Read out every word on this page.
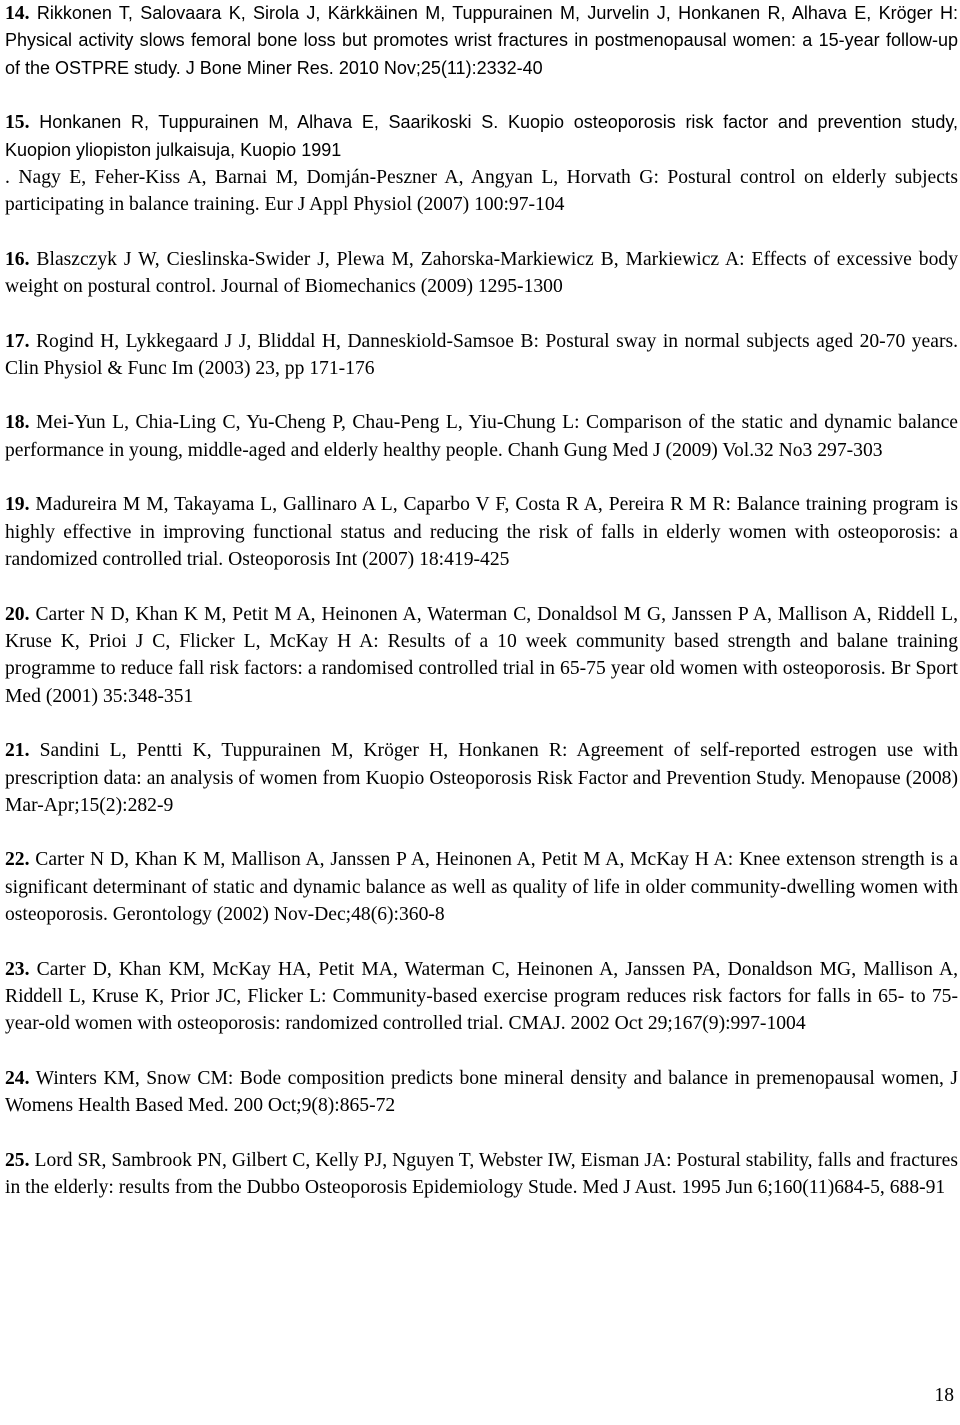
14. Rikkonen T, Salovaara K, Sirola J, Kärkkäinen M, Tuppurainen M, Jurvelin J, Honkanen R, Alhava E, Kröger H: Physical activity slows femoral bone loss but promotes wrist fractures in postmenopausal women: a 15-year follow-up of the OSTPRE study. J Bone Miner Res. 2010 Nov;25(11):2332-40
15. Honkanen R, Tuppurainen M, Alhava E, Saarikoski S. Kuopio osteoporosis risk factor and prevention study, Kuopion yliopiston julkaisuja, Kuopio 1991
. Nagy E, Feher-Kiss A, Barnai M, Domján-Peszner A, Angyan L, Horvath G: Postural control on elderly subjects participating in balance training. Eur J Appl Physiol (2007) 100:97-104
16. Blaszczyk J W, Cieslinska-Swider J, Plewa M, Zahorska-Markiewicz B, Markiewicz A: Effects of excessive body weight on postural control. Journal of Biomechanics (2009) 1295-1300
17. Rogind H, Lykkegaard J J, Bliddal H, Danneskiold-Samsoe B: Postural sway in normal subjects aged 20-70 years. Clin Physiol & Func Im (2003) 23, pp 171-176
18. Mei-Yun L, Chia-Ling C, Yu-Cheng P, Chau-Peng L, Yiu-Chung L: Comparison of the static and dynamic balance performance in young, middle-aged and elderly healthy people. Chanh Gung Med J (2009) Vol.32 No3 297-303
19. Madureira M M, Takayama L, Gallinaro A L, Caparbo V F, Costa R A, Pereira R M R: Balance training program is highly effective in improving functional status and reducing the risk of falls in elderly women with osteoporosis: a randomized controlled trial. Osteoporosis Int (2007) 18:419-425
20. Carter N D, Khan K M, Petit M A, Heinonen A, Waterman C, Donaldsol M G, Janssen P A, Mallison A, Riddell L, Kruse K, Prioi J C, Flicker L, McKay H A: Results of a 10 week community based strength and balane training programme to reduce fall risk factors: a randomised controlled trial in 65-75 year old women with osteoporosis. Br Sport Med (2001) 35:348-351
21. Sandini L, Pentti K, Tuppurainen M, Kröger H, Honkanen R: Agreement of self-reported estrogen use with prescription data: an analysis of women from Kuopio Osteoporosis Risk Factor and Prevention Study. Menopause (2008) Mar-Apr;15(2):282-9
22. Carter N D, Khan K M, Mallison A, Janssen P A, Heinonen A, Petit M A, McKay H A: Knee extenson strength is a significant determinant of static and dynamic balance as well as quality of life in older community-dwelling women with osteoporosis. Gerontology (2002) Nov-Dec;48(6):360-8
23. Carter D, Khan KM, McKay HA, Petit MA, Waterman C, Heinonen A, Janssen PA, Donaldson MG, Mallison A, Riddell L, Kruse K, Prior JC, Flicker L: Community-based exercise program reduces risk factors for falls in 65- to 75-year-old women with osteoporosis: randomized controlled trial. CMAJ. 2002 Oct 29;167(9):997-1004
24. Winters KM, Snow CM: Bode composition predicts bone mineral density and balance in premenopausal women, J Womens Health Based Med. 200 Oct;9(8):865-72
25. Lord SR, Sambrook PN, Gilbert C, Kelly PJ, Nguyen T, Webster IW, Eisman JA: Postural stability, falls and fractures in the elderly: results from the Dubbo Osteoporosis Epidemiology Stude. Med J Aust. 1995 Jun 6;160(11)684-5, 688-91
18
